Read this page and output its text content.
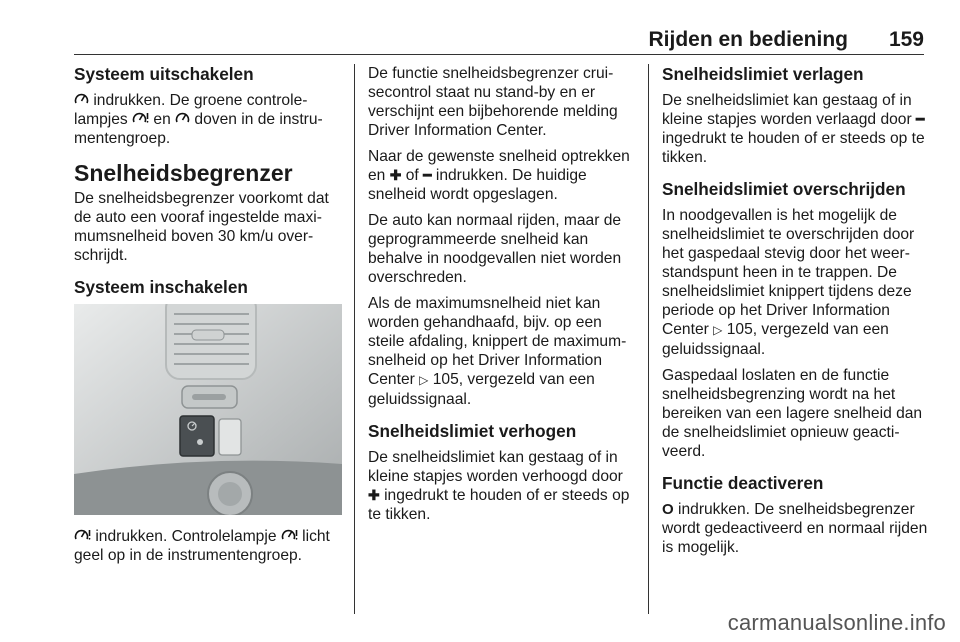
Rijden en bediening 159
Systeem uitschakelen
indrukken. De groene controlelampjes  en  doven in de instrumentengroep.
Snelheidsbegrenzer
De snelheidsbegrenzer voorkomt dat de auto een vooraf ingestelde maximumsnelheid boven 30 km/u overschrijdt.
Systeem inschakelen
indrukken. Controlelampje  licht geel op in de instrumentengroep.
De functie snelheidsbegrenzer cruisecontrol staat nu stand-by en er verschijnt een bijbehorende melding Driver Information Center.
Naar de gewenste snelheid optrekken en ✚ of ━ indrukken. De huidige snelheid wordt opgeslagen.
De auto kan normaal rijden, maar de geprogrammeerde snelheid kan behalve in noodgevallen niet worden overschreden.
Als de maximumsnelheid niet kan worden gehandhaafd, bijv. op een steile afdaling, knippert de maximumsnelheid op het Driver Information Center ▷ 105, vergezeld van een geluidssignaal.
Snelheidslimiet verhogen
De snelheidslimiet kan gestaag of in kleine stapjes worden verhoogd door ✚ ingedrukt te houden of er steeds op te tikken.
Snelheidslimiet verlagen
De snelheidslimiet kan gestaag of in kleine stapjes worden verlaagd door ━ ingedrukt te houden of er steeds op te tikken.
Snelheidslimiet overschrijden
In noodgevallen is het mogelijk de snelheidslimiet te overschrijden door het gaspedaal stevig door het weerstandspunt heen in te trappen. De snelheidslimiet knippert tijdens deze periode op het Driver Information Center ▷ 105, vergezeld van een geluidssignaal.
Gaspedaal loslaten en de functie snelheidsbegrenzing wordt na het bereiken van een lagere snelheid dan de snelheidslimiet opnieuw geactiveerd.
Functie deactiveren
O indrukken. De snelheidsbegrenzer wordt gedeactiveerd en normaal rijden is mogelijk.
carmanualsonline.info
